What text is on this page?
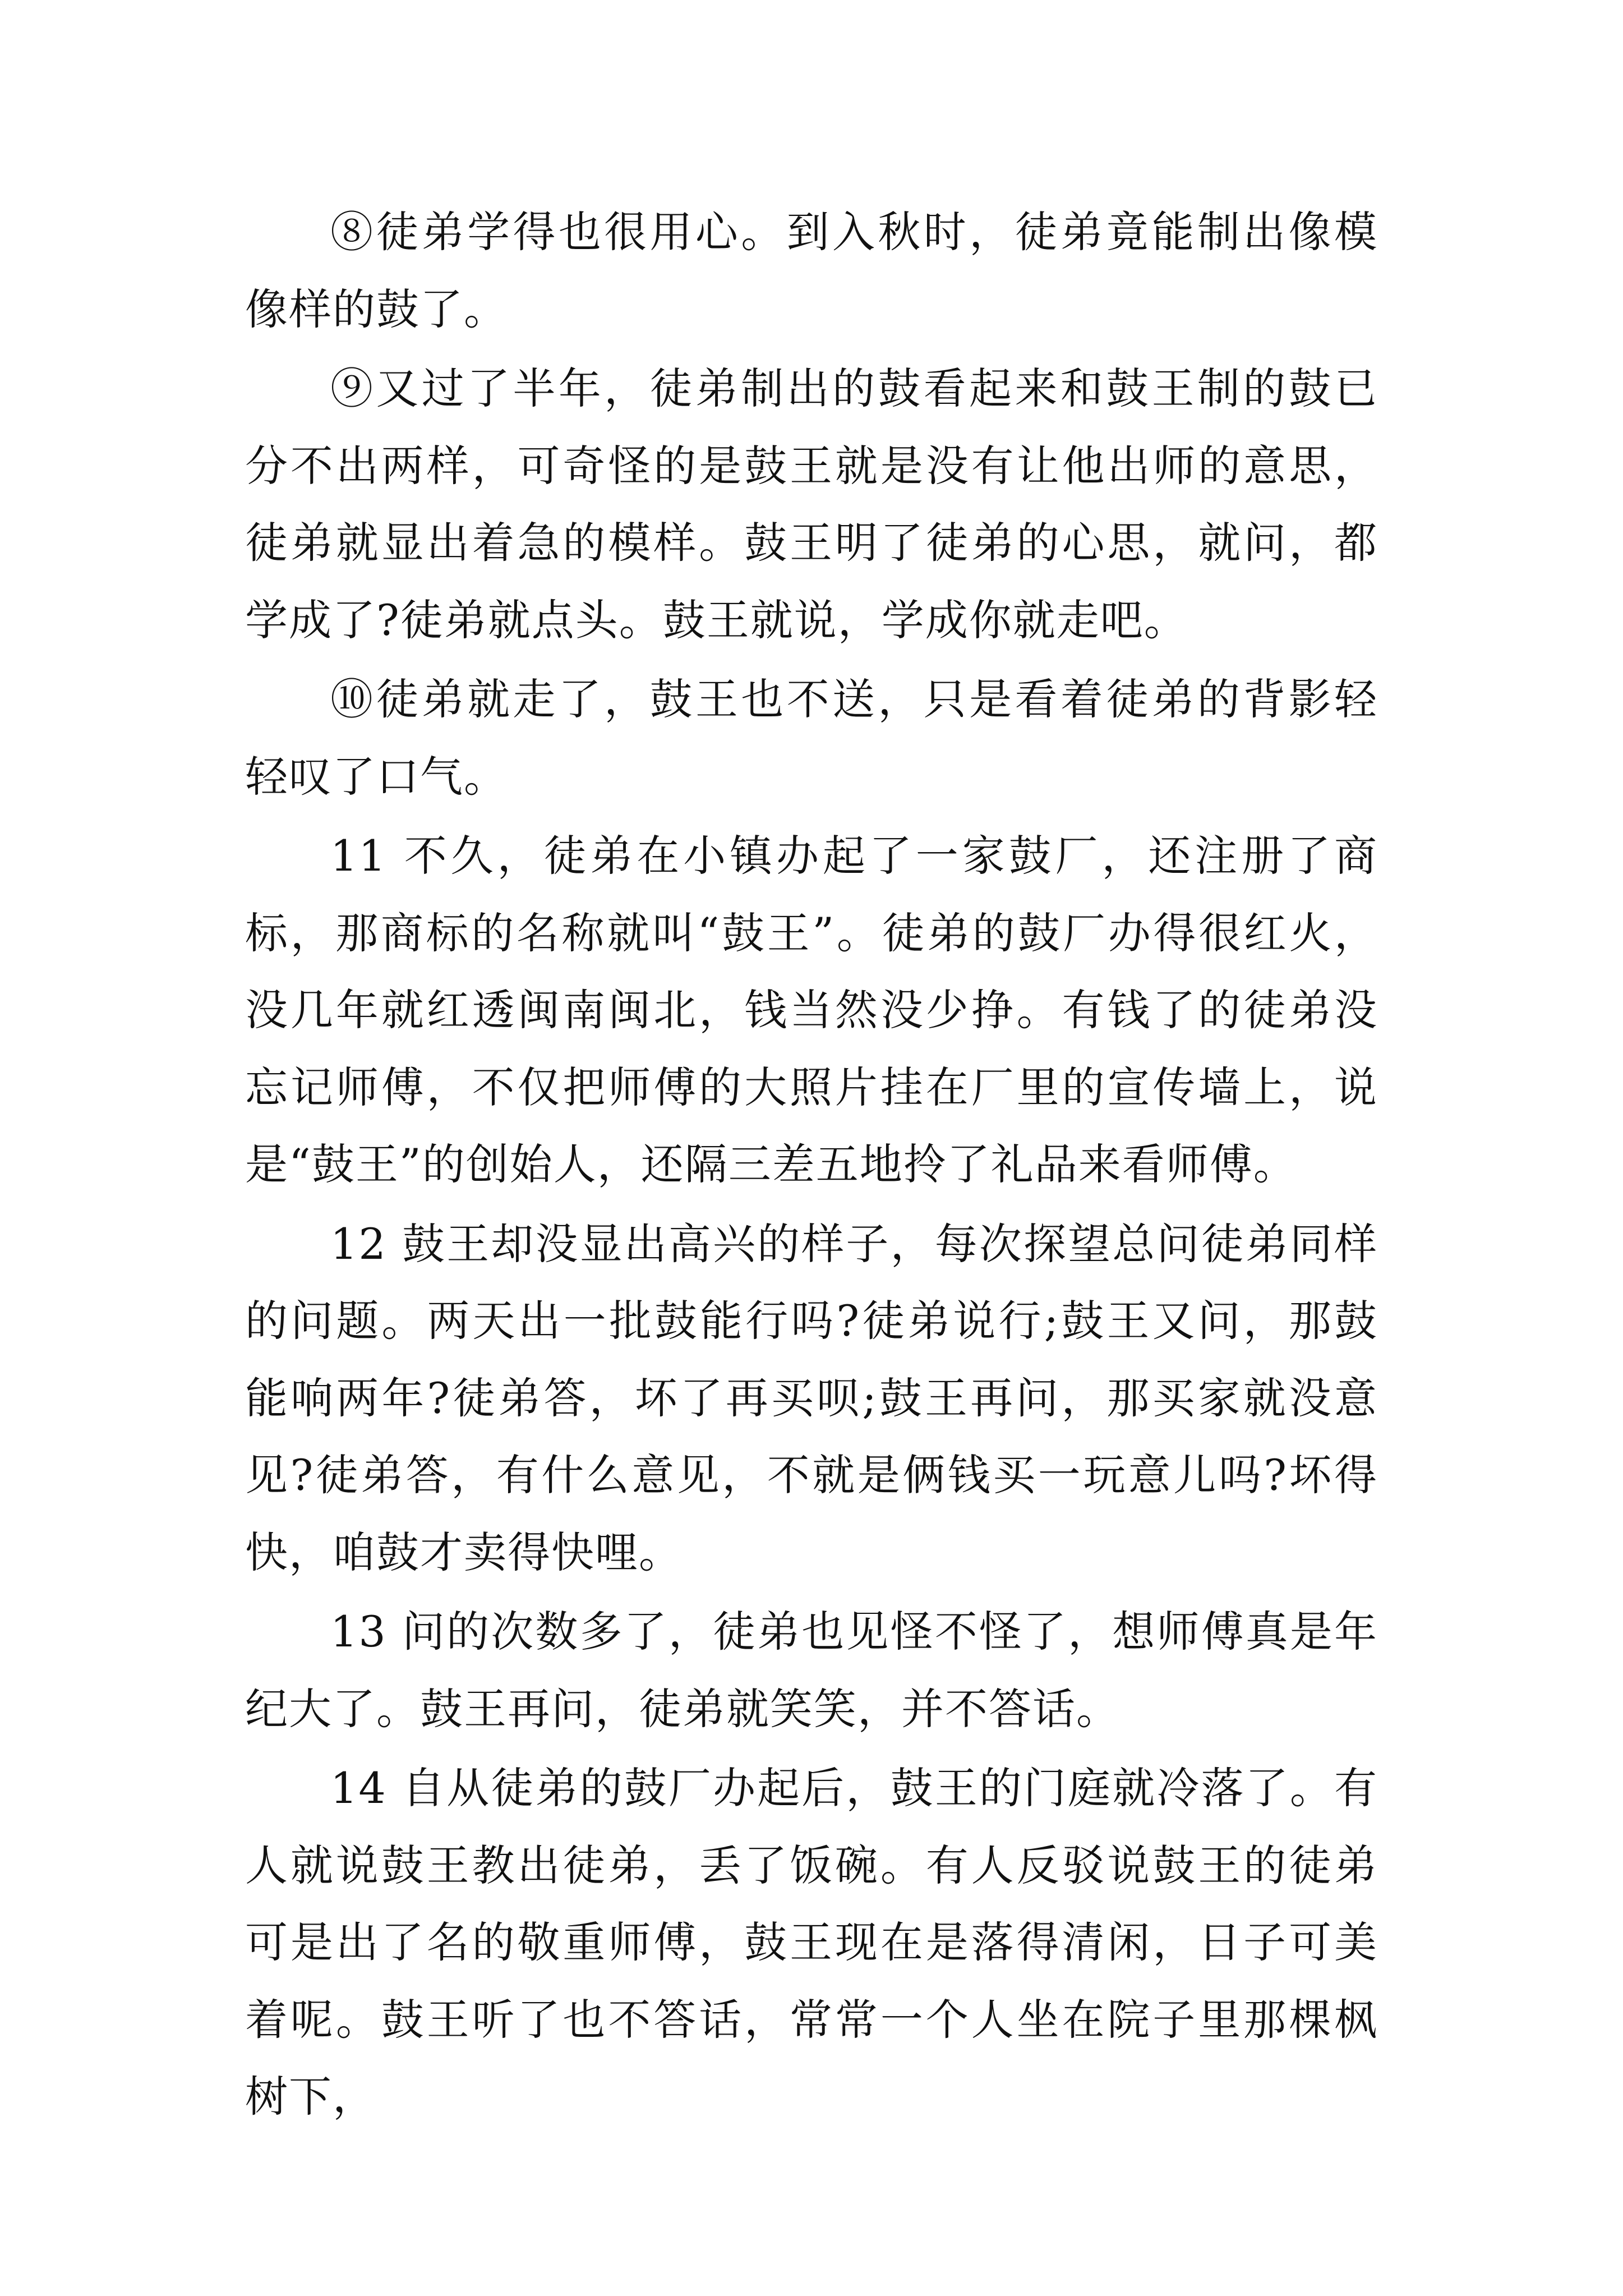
⑧徒弟学得也很用心。到入秋时，徒弟竟能制出像模像样的鼓了。

⑨又过了半年，徒弟制出的鼓看起来和鼓王制的鼓已分不出两样，可奇怪的是鼓王就是没有让他出师的意思，徒弟就显出着急的模样。鼓王明了徒弟的心思，就问，都学成了?徒弟就点头。鼓王就说，学成你就走吧。

⑩徒弟就走了，鼓王也不送，只是看着徒弟的背影轻轻叹了口气。

11 不久，徒弟在小镇办起了一家鼓厂，还注册了商标，那商标的名称就叫“鼓王”。徒弟的鼓厂办得很红火，没几年就红透闽南闽北，钱当然没少挣。有钱了的徒弟没忘记师傅，不仅把师傅的大照片挂在厂里的宣传墙上，说是“鼓王”的创始人，还隔三差五地拎了礼品来看师傅。

12 鼓王却没显出高兴的样子，每次探望总问徒弟同样的问题。两天出一批鼓能行吗?徒弟说行;鼓王又问，那鼓能响两年?徒弟答，坏了再买呗;鼓王再问，那买家就没意见?徒弟答，有什么意见，不就是俩钱买一玩意儿吗?坏得快，咱鼓才卖得快哩。

13 问的次数多了，徒弟也见怪不怪了，想师傅真是年纪大了。鼓王再问，徒弟就笑笑，并不答话。

14 自从徒弟的鼓厂办起后，鼓王的门庭就冷落了。有人就说鼓王教出徒弟，丢了饭碗。有人反驳说鼓王的徒弟可是出了名的敬重师傅，鼓王现在是落得清闲，日子可美着呢。鼓王听了也不答话，常常一个人坐在院子里那棵枫树下，
